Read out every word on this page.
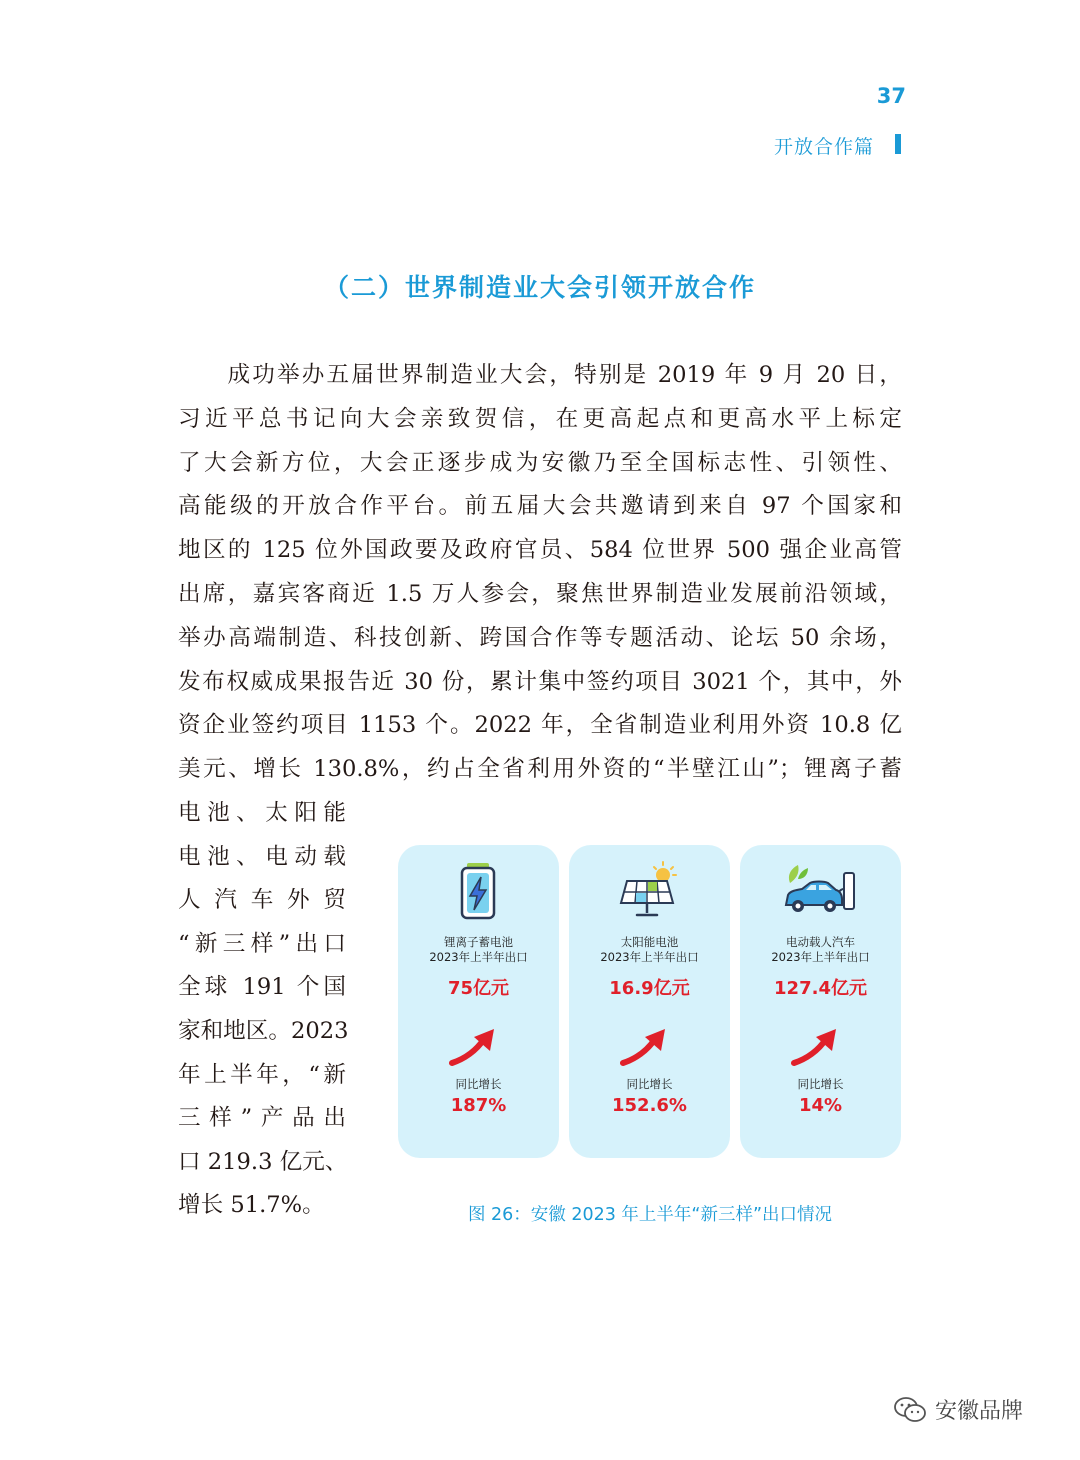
37
开放合作篇
（二）世界制造业大会引领开放合作
　　成功举办五届世界制造业大会，特别是 2019 年 9 月 20 日，
习近平总书记向大会亲致贺信，在更高起点和更高水平上标定
了大会新方位，大会正逐步成为安徽乃至全国标志性、引领性、
高能级的开放合作平台。前五届大会共邀请到来自 97 个国家和
地区的 125 位外国政要及政府官员、584 位世界 500 强企业高管
出席，嘉宾客商近 1.5 万人参会，聚焦世界制造业发展前沿领域，
举办高端制造、科技创新、跨国合作等专题活动、论坛 50 余场，
发布权威成果报告近 30 份，累计集中签约项目 3021 个，其中，外
资企业签约项目 1153 个。2022 年，全省制造业利用外资 10.8 亿
美元、增长 130.8%，约占全省利用外资的“半壁江山”；锂离子蓄
电池、太阳能
电池、电动载
人汽车外贸
“新三样”出口
全球 191 个国
家和地区。2023
年上半年，“新
三样”产品出
口 219.3 亿元、
增长 51.7%。
锂离子蓄电池
2023年上半年出口
75亿元
同比增长
187%
太阳能电池
2023年上半年出口
16.9亿元
同比增长
152.6%
电动载人汽车
2023年上半年出口
127.4亿元
同比增长
14%
图 26：安徽 2023 年上半年“新三样”出口情况
安徽品牌
